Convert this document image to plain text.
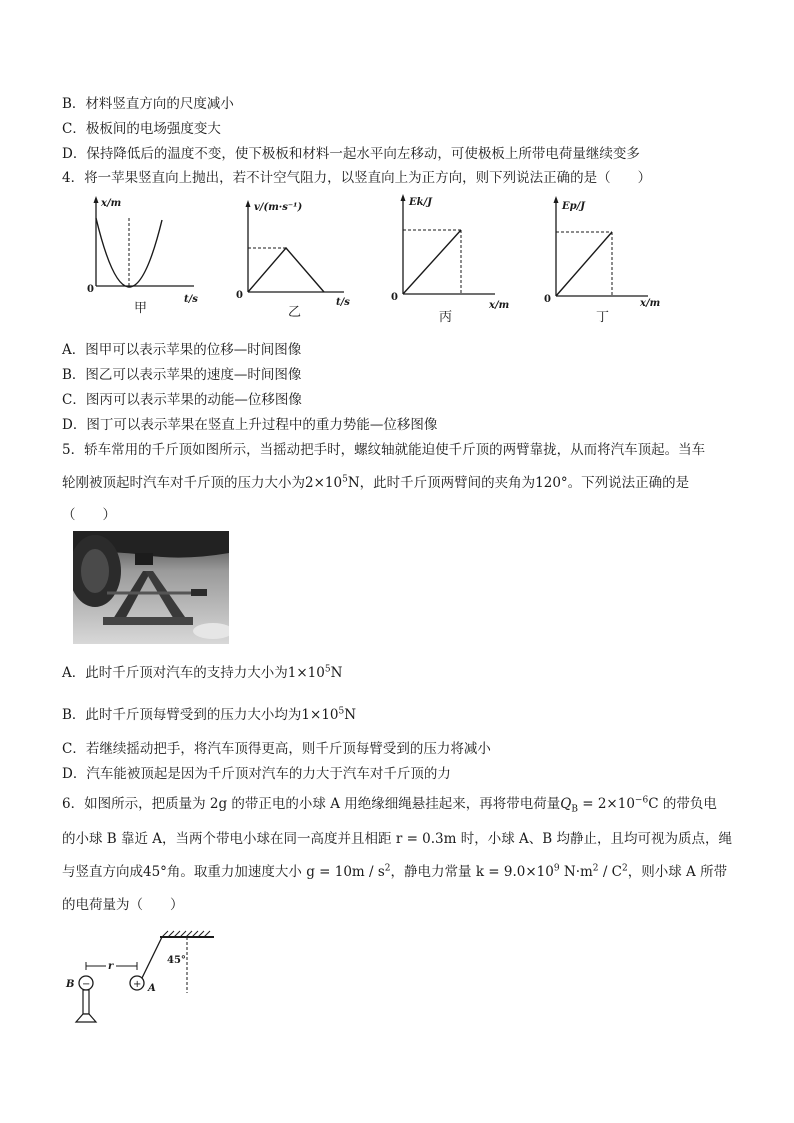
B．材料竖直方向的尺度减小
C．极板间的电场强度变大
D．保持降低后的温度不变，使下极板和材料一起水平向左移动，可使极板上所带电荷量继续变多
4．将一苹果竖直向上抛出，若不计空气阻力，以竖直向上为正方向，则下列说法正确的是（　　）
x/m
t/s
0
甲
v/(m·s⁻¹)
t/s
0
乙
Ek/J
x/m
0
丙
Ep/J
x/m
0
丁
A．图甲可以表示苹果的位移—时间图像
B．图乙可以表示苹果的速度—时间图像
C．图丙可以表示苹果的动能—位移图像
D．图丁可以表示苹果在竖直上升过程中的重力势能—位移图像
5．轿车常用的千斤顶如图所示，当摇动把手时，螺纹轴就能迫使千斤顶的两臂靠拢，从而将汽车顶起。当车
轮刚被顶起时汽车对千斤顶的压力大小为$2\times 10^5N$，此时千斤顶两臂间的夹角为120°。下列说法正确的是
（　　）
A．此时千斤顶对汽车的支持力大小为$1\times 10^5N$
B．此时千斤顶每臂受到的压力大小均为$1\times 10^5N$
C．若继续摇动把手，将汽车顶得更高，则千斤顶每臂受到的压力将减小
D．汽车能被顶起是因为千斤顶对汽车的力大于汽车对千斤顶的力
6．如图所示，把质量为 2g 的带正电的小球 A 用绝缘细绳悬挂起来，再将带电荷量$Q_B = 2\times 10^{-6}C$ 的带负电
的小球 B 靠近 A，当两个带电小球在同一高度并且相距 r = 0.3m 时，小球 A、B 均静止，且均可视为质点，绳
与竖直方向成45°角。取重力加速度大小 $g = 10m / s^2$，静电力常量 $k = 9.0\times 10^9$ $N\cdot m^2 / C^2$，则小球 A 所带
的电荷量为（　　）
+ A
−
B
r
45°
